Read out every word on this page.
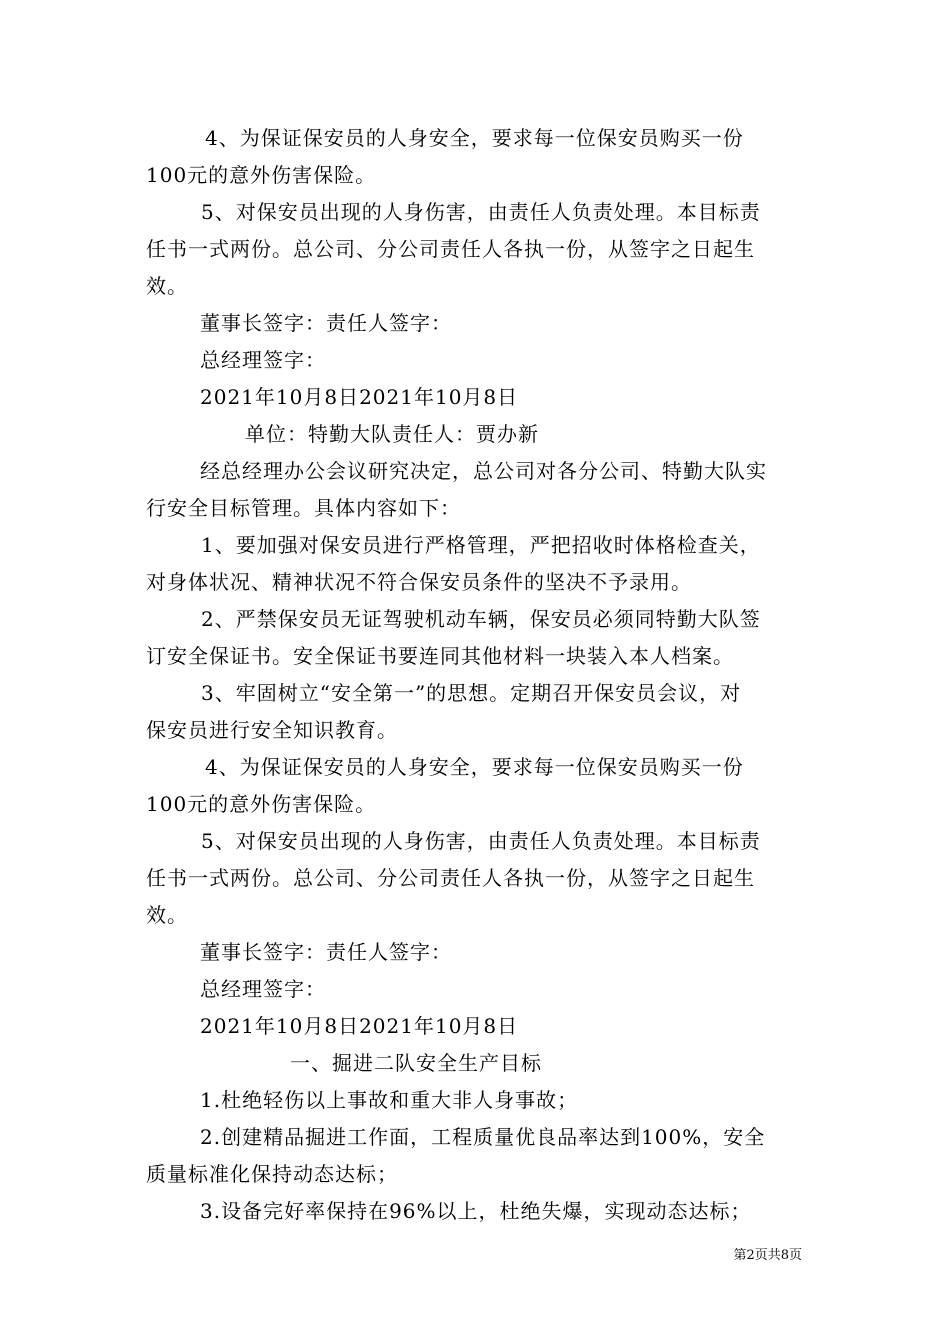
4、为保证保安员的人身安全，要求每一位保安员购买一份
100元的意外伤害保险。
5、对保安员出现的人身伤害，由责任人负责处理。本目标责
任书一式两份。总公司、分公司责任人各执一份，从签字之日起生
效。
董事长签字：责任人签字：
总经理签字：
2021年10月8日2021年10月8日
单位：特勤大队责任人：贾办新
经总经理办公会议研究决定，总公司对各分公司、特勤大队实
行安全目标管理。具体内容如下：
1、要加强对保安员进行严格管理，严把招收时体格检查关，
对身体状况、精神状况不符合保安员条件的坚决不予录用。
2、严禁保安员无证驾驶机动车辆，保安员必须同特勤大队签
订安全保证书。安全保证书要连同其他材料一块装入本人档案。
3、牢固树立“安全第一”的思想。定期召开保安员会议，对
保安员进行安全知识教育。
4、为保证保安员的人身安全，要求每一位保安员购买一份
100元的意外伤害保险。
5、对保安员出现的人身伤害，由责任人负责处理。本目标责
任书一式两份。总公司、分公司责任人各执一份，从签字之日起生
效。
董事长签字：责任人签字：
总经理签字：
2021年10月8日2021年10月8日
一、掘进二队安全生产目标
1.杜绝轻伤以上事故和重大非人身事故；
2.创建精品掘进工作面，工程质量优良品率达到100%，安全
质量标准化保持动态达标；
3.设备完好率保持在96%以上，杜绝失爆，实现动态达标；
第2页共8页
